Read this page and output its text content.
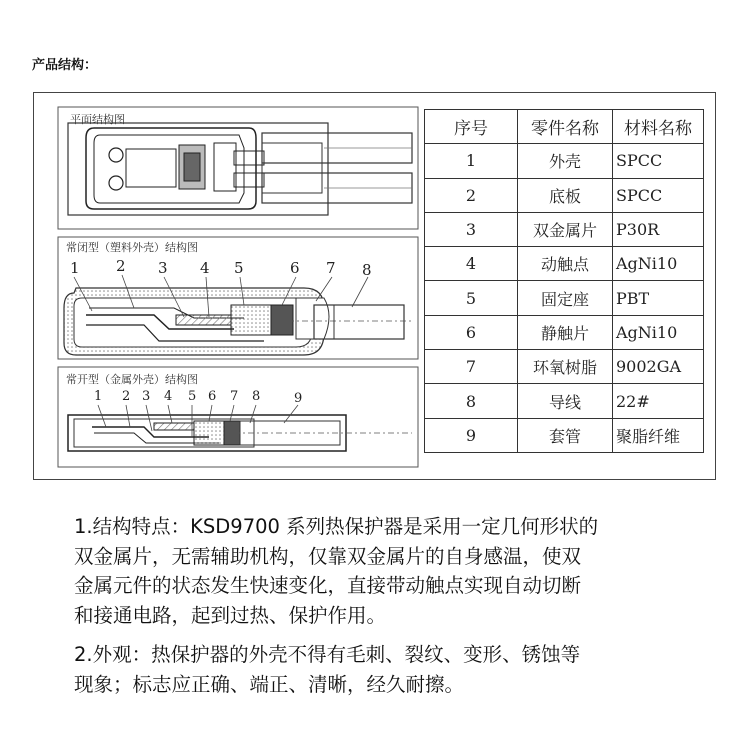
产品结构：
平面结构图
常闭型（塑料外壳）结构图
常开型（金属外壳）结构图
1 2 3 4 5	6 7 8
1 2 3 4 5 6 7 8	9
序号	零件名称	材料名称
1	外壳	SPCC
2	底板	SPCC
3	双金属片	P30R
4	动触点	AgNi10
5	固定座	PBT
6	静触片	AgNi10
7	环氧树脂	9002GA
8	导线	22#
9	套管	聚脂纤维

1.结构特点：KSD9700 系列热保护器是采用一定几何形状的

双金属片，无需辅助机构，仅靠双金属片的自身感温，使双

金属元件的状态发生快速变化，直接带动触点实现自动切断

和接通电路，起到过热、保护作用。

2.外观：热保护器的外壳不得有毛刺、裂纹、变形、锈蚀等

现象；标志应正确、端正、清晰，经久耐擦。
